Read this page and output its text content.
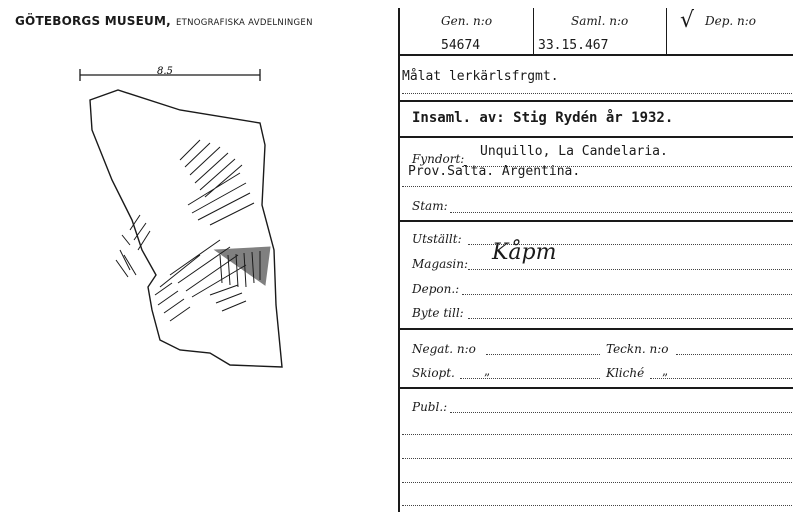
GÖTEBORGS MUSEUM, ETNOGRAFISKA AVDELNINGEN
8.5
Gen. n:o	Saml. n:o √ Dep. n:o
54674	33.15.467
Målat lerkärlsfrgmt.
Insaml. av: Stig Rydén år 1932.
Fyndort: Unquillo, La Candelaria.
Prov.Salta. Argentina.
Stam:
Utställt:
Magasin: Kåpm
Depon.:
Byte till:
Negat. n:o	Teckn. n:o
Skiopt. „	Kliché „
Publ.:
